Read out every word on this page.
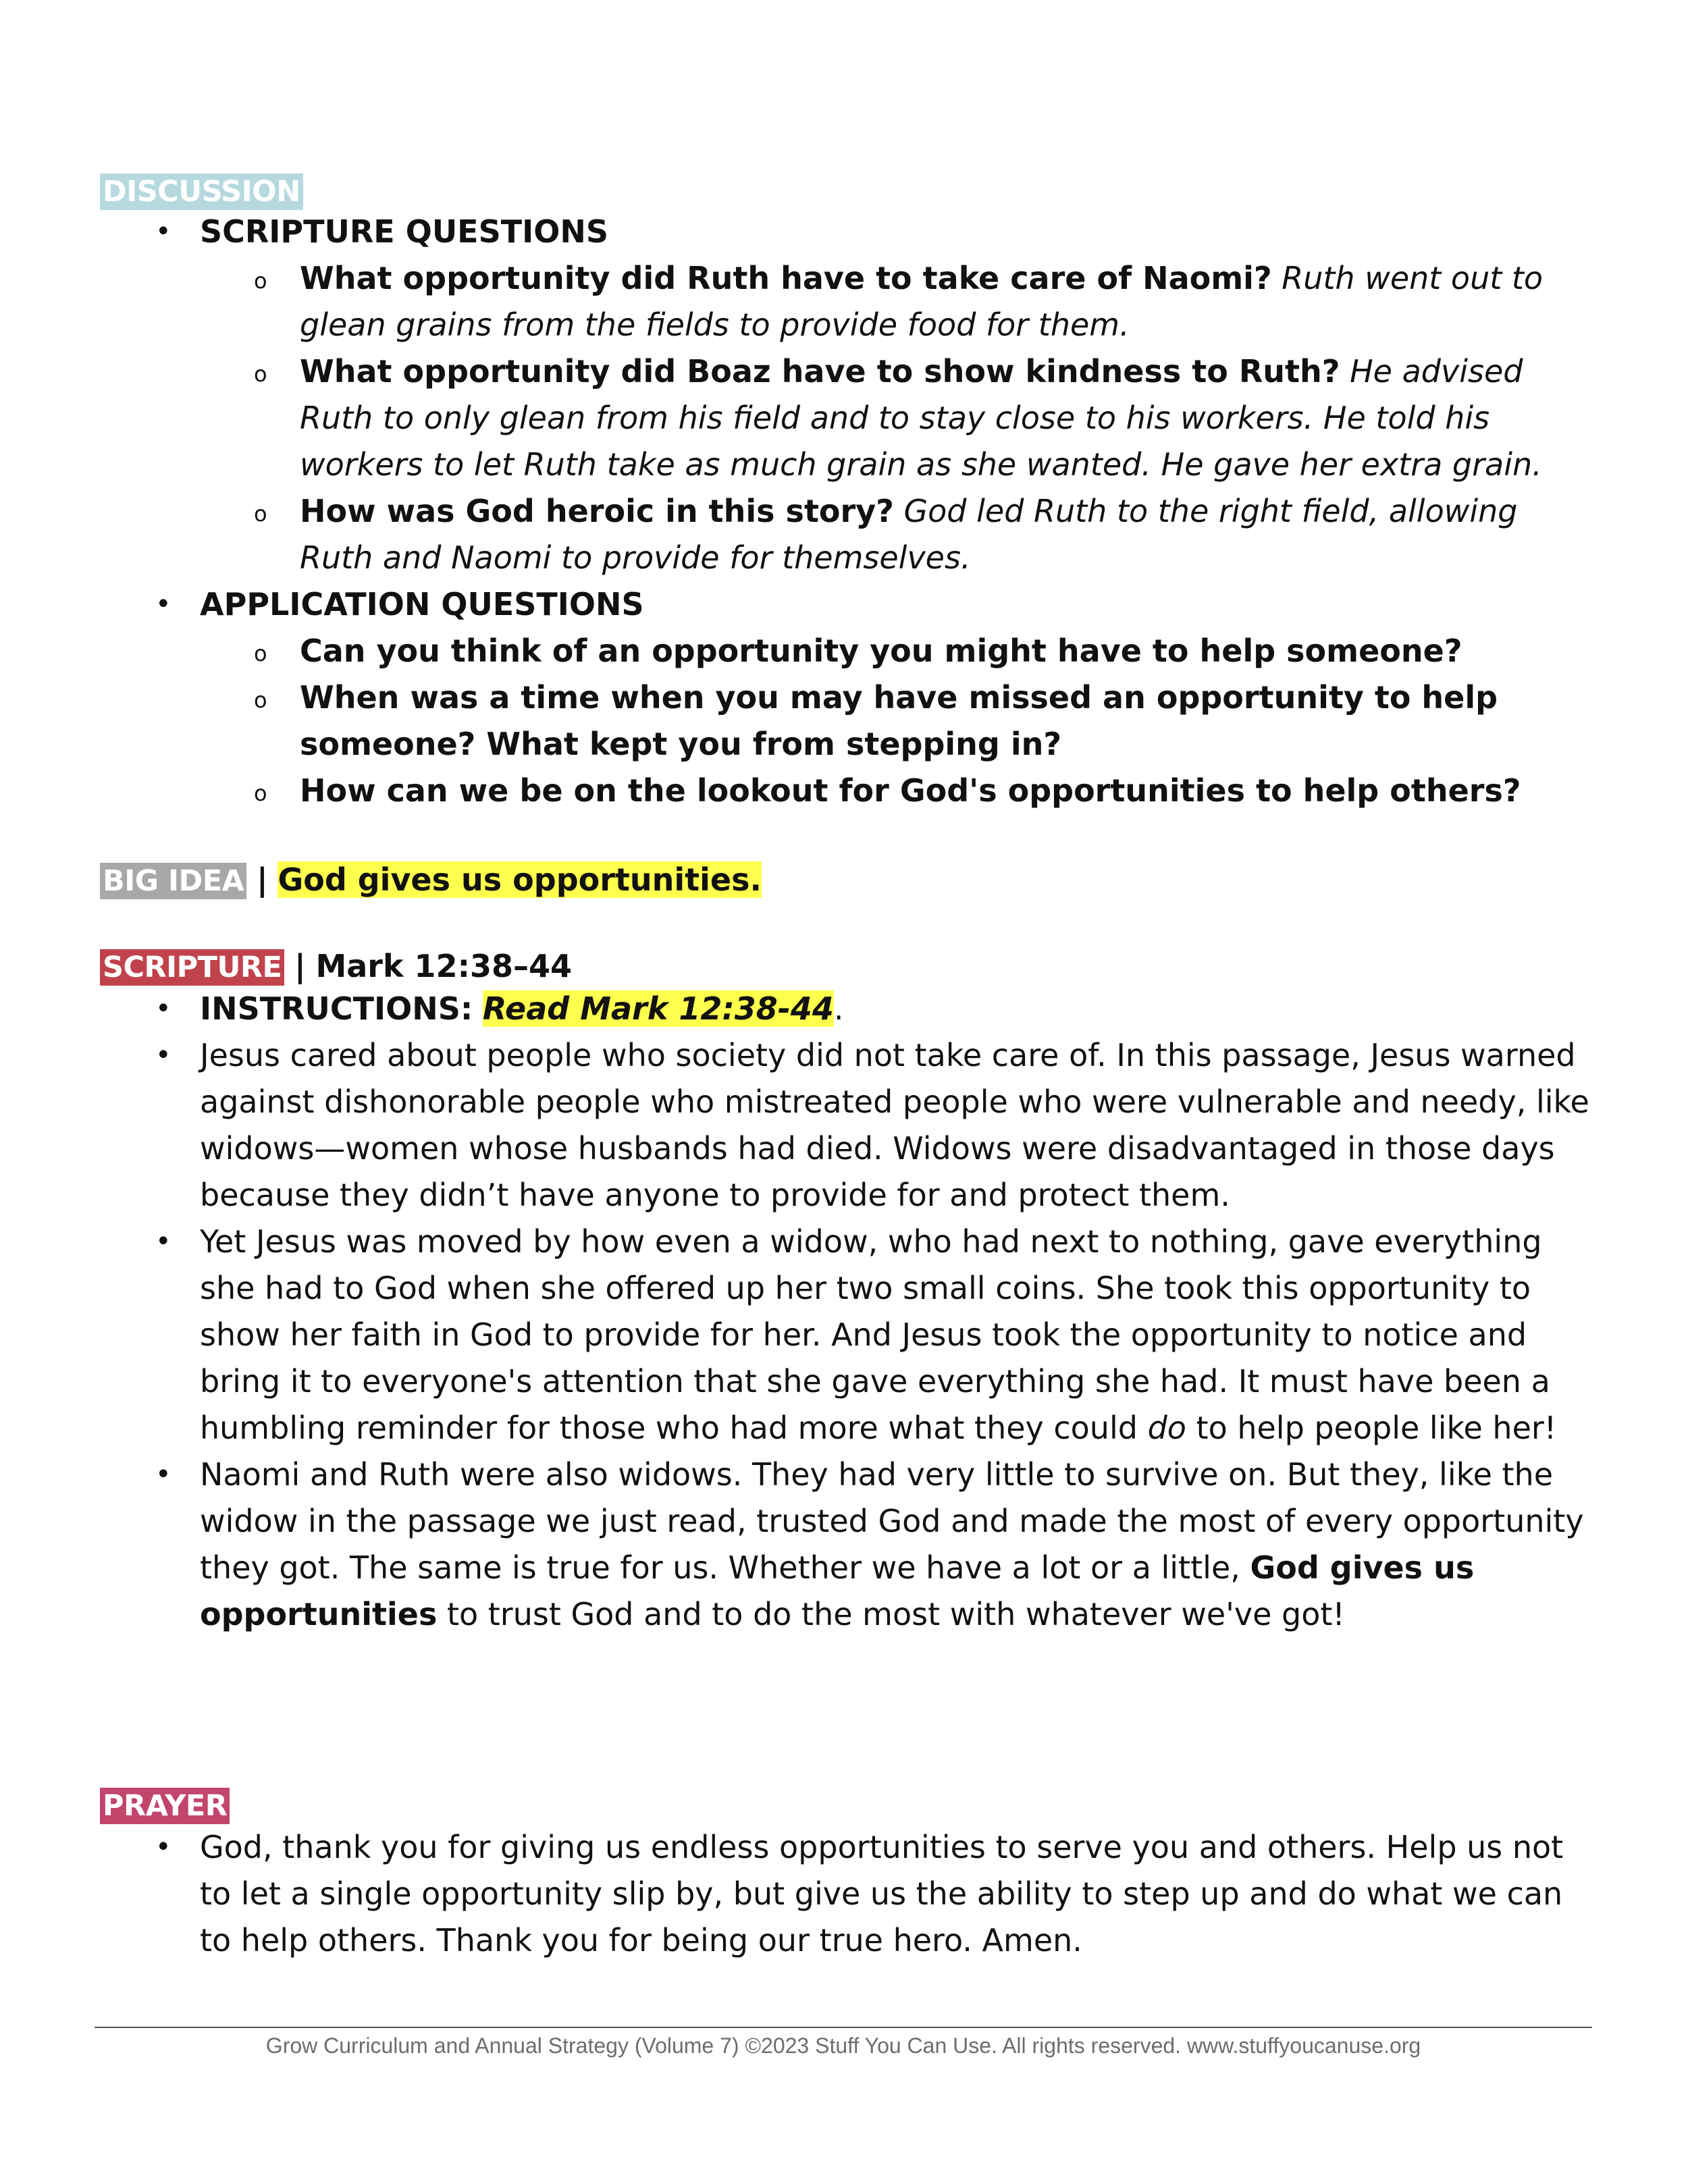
DISCUSSION
• SCRIPTURE QUESTIONS
o What opportunity did Ruth have to take care of Naomi? Ruth went out to glean grains from the fields to provide food for them.
o What opportunity did Boaz have to show kindness to Ruth? He advised Ruth to only glean from his field and to stay close to his workers. He told his workers to let Ruth take as much grain as she wanted. He gave her extra grain.
o How was God heroic in this story? God led Ruth to the right field, allowing Ruth and Naomi to provide for themselves.
• APPLICATION QUESTIONS
o Can you think of an opportunity you might have to help someone?
o When was a time when you may have missed an opportunity to help someone? What kept you from stepping in?
o How can we be on the lookout for God's opportunities to help others?
BIG IDEA | God gives us opportunities.
SCRIPTURE | Mark 12:38–44
• INSTRUCTIONS: Read Mark 12:38-44.
• Jesus cared about people who society did not take care of. In this passage, Jesus warned against dishonorable people who mistreated people who were vulnerable and needy, like widows—women whose husbands had died. Widows were disadvantaged in those days because they didn’t have anyone to provide for and protect them.
• Yet Jesus was moved by how even a widow, who had next to nothing, gave everything she had to God when she offered up her two small coins. She took this opportunity to show her faith in God to provide for her. And Jesus took the opportunity to notice and bring it to everyone's attention that she gave everything she had. It must have been a humbling reminder for those who had more what they could do to help people like her!
• Naomi and Ruth were also widows. They had very little to survive on. But they, like the widow in the passage we just read, trusted God and made the most of every opportunity they got. The same is true for us. Whether we have a lot or a little, God gives us opportunities to trust God and to do the most with whatever we've got!
PRAYER
• God, thank you for giving us endless opportunities to serve you and others. Help us not to let a single opportunity slip by, but give us the ability to step up and do what we can to help others. Thank you for being our true hero. Amen.
Grow Curriculum and Annual Strategy (Volume 7) ©2023 Stuff You Can Use. All rights reserved. www.stuffyoucanuse.org
